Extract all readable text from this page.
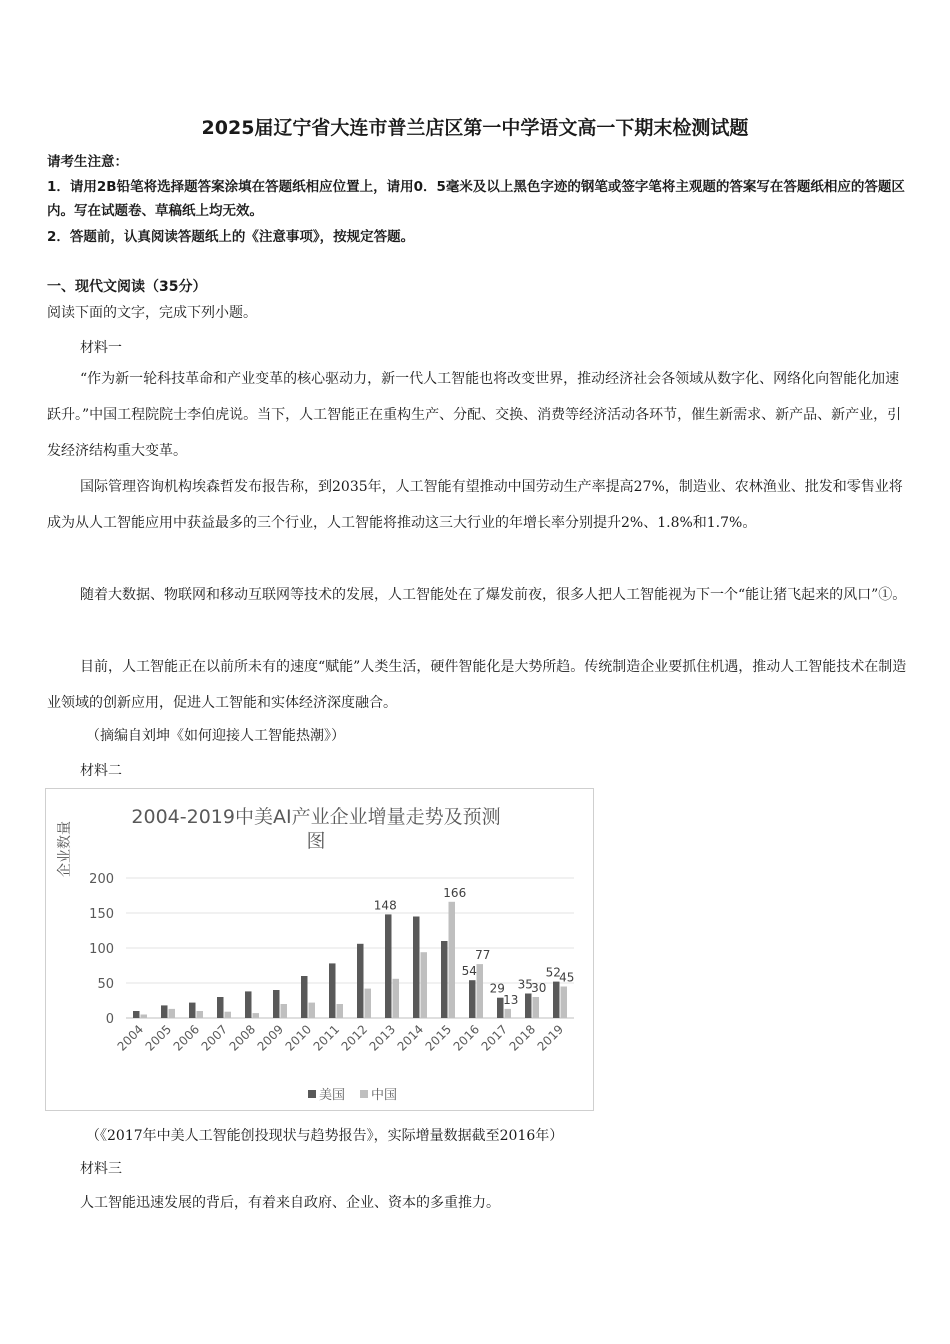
2025届辽宁省大连市普兰店区第一中学语文高一下期末检测试题
请考生注意：
1．请用2B铅笔将选择题答案涂填在答题纸相应位置上，请用0．5毫米及以上黑色字迹的钢笔或签字笔将主观题的答案写在答题纸相应的答题区内。写在试题卷、草稿纸上均无效。
2．答题前，认真阅读答题纸上的《注意事项》，按规定答题。
一、现代文阅读（35分）
阅读下面的文字，完成下列小题。
材料一
“作为新一轮科技革命和产业变革的核心驱动力，新一代人工智能也将改变世界，推动经济社会各领域从数字化、网络化向智能化加速跃升。”中国工程院院士李伯虎说。当下，人工智能正在重构生产、分配、交换、消费等经济活动各环节，催生新需求、新产品、新产业，引发经济结构重大变革。
国际管理咨询机构埃森哲发布报告称，到2035年，人工智能有望推动中国劳动生产率提高27%，制造业、农林渔业、批发和零售业将成为从人工智能应用中获益最多的三个行业，人工智能将推动这三大行业的年增长率分别提升2%、1.8%和1.7%。
随着大数据、物联网和移动互联网等技术的发展，人工智能处在了爆发前夜，很多人把人工智能视为下一个“能让猪飞起来的风口”①。
目前，人工智能正在以前所未有的速度“赋能”人类生活，硬件智能化是大势所趋。传统制造企业要抓住机遇，推动人工智能技术在制造业领域的创新应用，促进人工智能和实体经济深度融合。
（摘编自刘坤《如何迎接人工智能热潮》）
材料二
2004-2019中美AI产业企业增量走势及预测
图
企业数量
0
50
100
150
200
148
166
54
77
29
13
35
30
52
45
2004
2005
2006
2007
2008
2009
2010
2011
2012
2013
2014
2015
2016
2017
2018
2019
美国 中国
（《2017年中美人工智能创投现状与趋势报告》，实际增量数据截至2016年）
材料三
人工智能迅速发展的背后，有着来自政府、企业、资本的多重推力。
